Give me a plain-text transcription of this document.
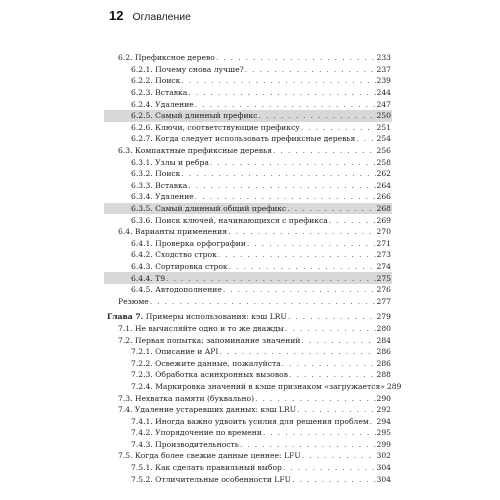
12 Оглавление
6.2. Префиксное дерево . . .	233
6.2.1. Почему снова лучше? . . .	237
6.2.2. Поиск . . .	239
6.2.3. Вставка . . .	244
6.2.4. Удаление . . .	247
6.2.5. Самый длинный префикс . . .	250
6.2.6. Ключи, соответствующие префиксу . . .	251
6.2.7. Когда следует использовать префиксные деревья . . .	254
6.3. Компактные префиксные деревья . . .	256
6.3.1. Узлы и ребра . . .	258
6.3.2. Поиск . . .	262
6.3.3. Вставка . . .	264
6.3.4. Удаление . . .	266
6.3.5. Самый длинный общий префикс . . .	268
6.3.6. Поиск ключей, начинающихся с префикса . . .	269
6.4. Варианты применения . . .	270
6.4.1. Проверка орфографии . . .	271
6.4.2. Сходство строк . . .	273
6.4.3. Сортировка строк . . .	274
6.4.4. T9 . . .	275
6.4.5. Автодополнение . . .	276
Резюме . . .	277
Глава 7. Примеры использования: кэш LRU . . .	279
7.1. Не вычисляйте одно и то же дважды . . .	280
7.2. Первая попытка: запоминание значений . . .	284
7.2.1. Описание и API . . .	286
7.2.2. Освежите данные, пожалуйста . . .	286
7.2.3. Обработка асинхронных вызовов . . .	288
7.2.4. Маркировка значений в кэше признаком «загружается» 289
7.3. Нехватка памяти (буквально) . . .	290
7.4. Удаление устаревших данных: кэш LRU . . .	292
7.4.1. Иногда важно удвоить усилия для решения проблем . . . 294
7.4.2. Упорядочение по времени . . .	295
7.4.3. Производительность . . .	299
7.5. Когда более свежие данные ценнее: LFU . . .	302
7.5.1. Как сделать правильный выбор . . .	304
7.5.2. Отличительные особенности LFU . . .	304
